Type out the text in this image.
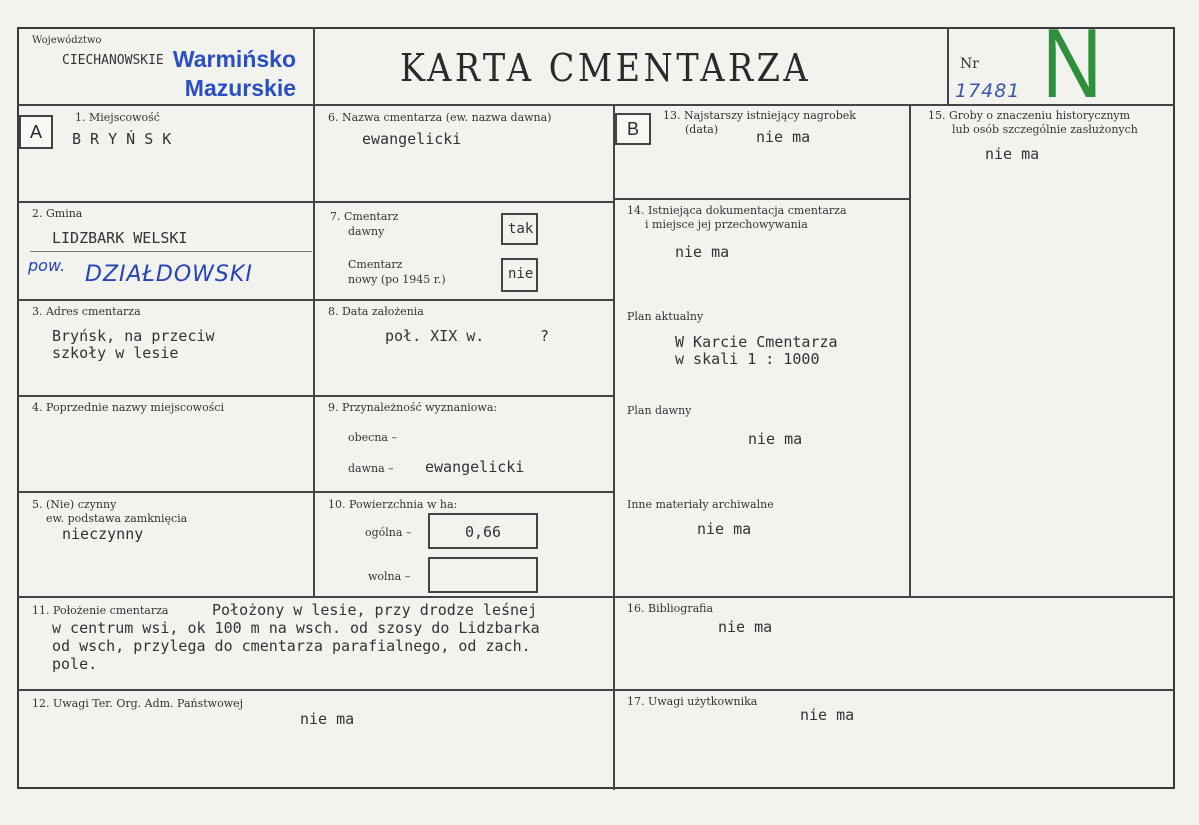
Województwo
CIECHANOWSKIE Warmińsko
Mazurskie	KARTA CMENTARZA	Nr
17481 N
A
1. Miejscowość
B R Y Ń S K
2. Gmina
LIDZBARK WELSKI
pow. DZIAŁDOWSKI
3. Adres cmentarza
Bryńsk, na przeciw
szkoły w lesie
4. Poprzednie nazwy miejscowości
5. (Nie) czynny
ew. podstawa zamknięcia
nieczynny
6. Nazwa cmentarza (ew. nazwa dawna)
ewangelicki
7. Cmentarz
dawny	tak
Cmentarz
nowy (po 1945 r.)	nie
8. Data założenia
poł. XIX w.	?
9. Przynależność wyznaniowa:
obecna –
dawna – ewangelicki
10. Powierzchnia w ha:
ogólna –	0,66
wolna –
B
13. Najstarszy istniejący nagrobek
(data)	nie ma
14. Istniejąca dokumentacja cmentarza
i miejsce jej przechowywania
nie ma
Plan aktualny
W Karcie Cmentarza
w skali 1 : 1000
Plan dawny
nie ma
Inne materiały archiwalne
nie ma
15. Groby o znaczeniu historycznym
lub osób szczególnie zasłużonych
nie ma
11. Położenie cmentarza	Położony w lesie, przy drodze leśnej
w centrum wsi, ok 100 m na wsch. od szosy do Lidzbarka
od wsch, przylega do cmentarza parafialnego, od zach.
pole.
16. Bibliografia
nie ma
12. Uwagi Ter. Org. Adm. Państwowej
nie ma
17. Uwagi użytkownika
nie ma
